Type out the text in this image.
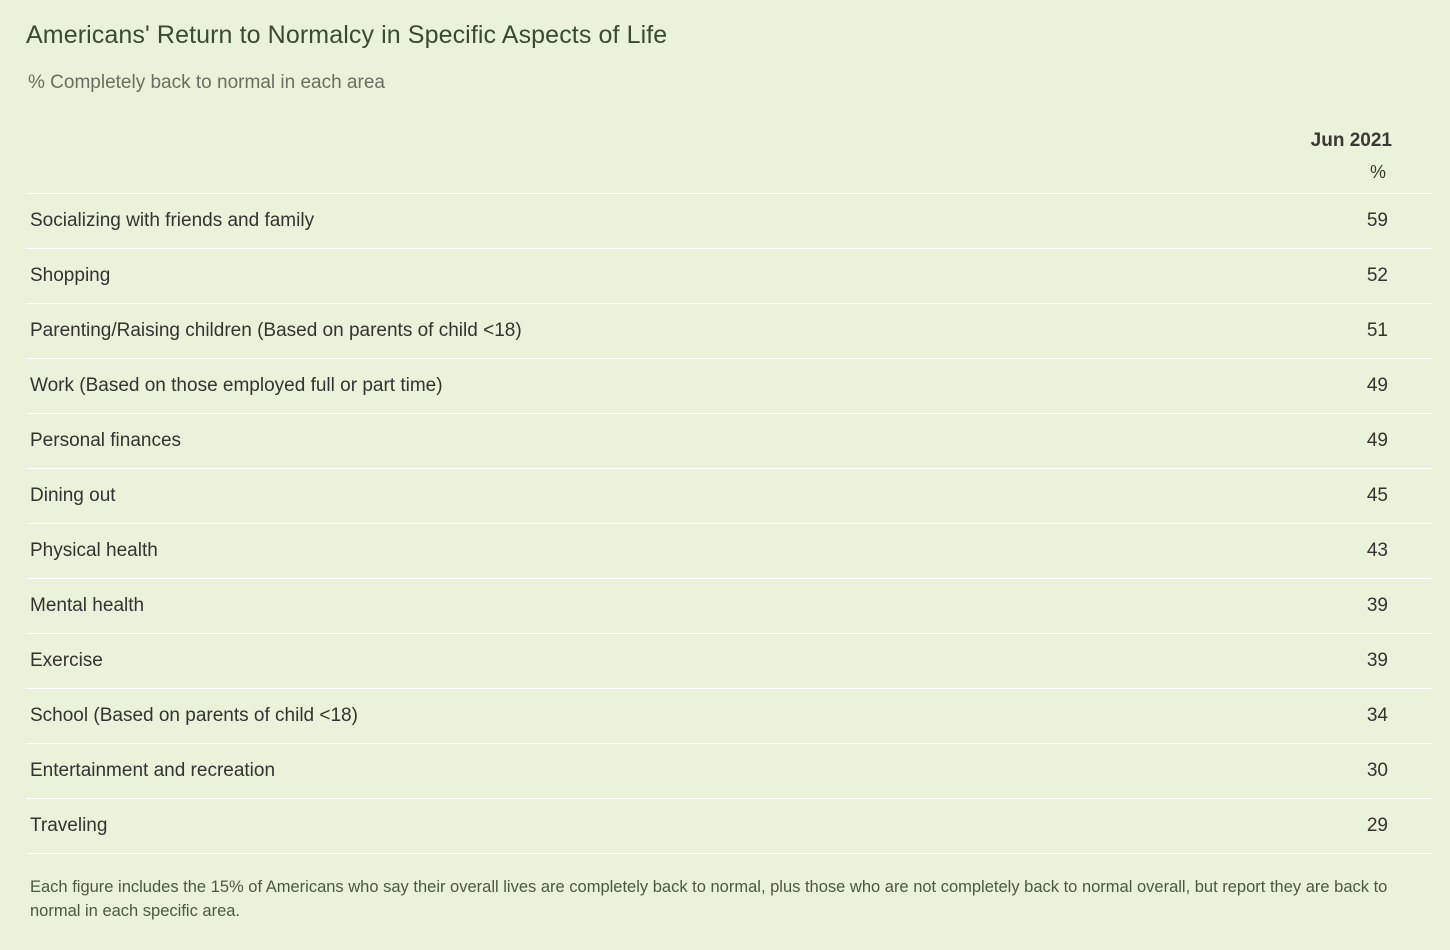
Americans' Return to Normalcy in Specific Aspects of Life
% Completely back to normal in each area
	Jun 2021
	%
Socializing with friends and family	59
Shopping	52
Parenting/Raising children (Based on parents of child <18)	51
Work (Based on those employed full or part time)	49
Personal finances	49
Dining out	45
Physical health	43
Mental health	39
Exercise	39
School (Based on parents of child <18)	34
Entertainment and recreation	30
Traveling	29
Each figure includes the 15% of Americans who say their overall lives are completely back to normal, plus those who are not completely back to normal overall, but report they are back to normal in each specific area.
